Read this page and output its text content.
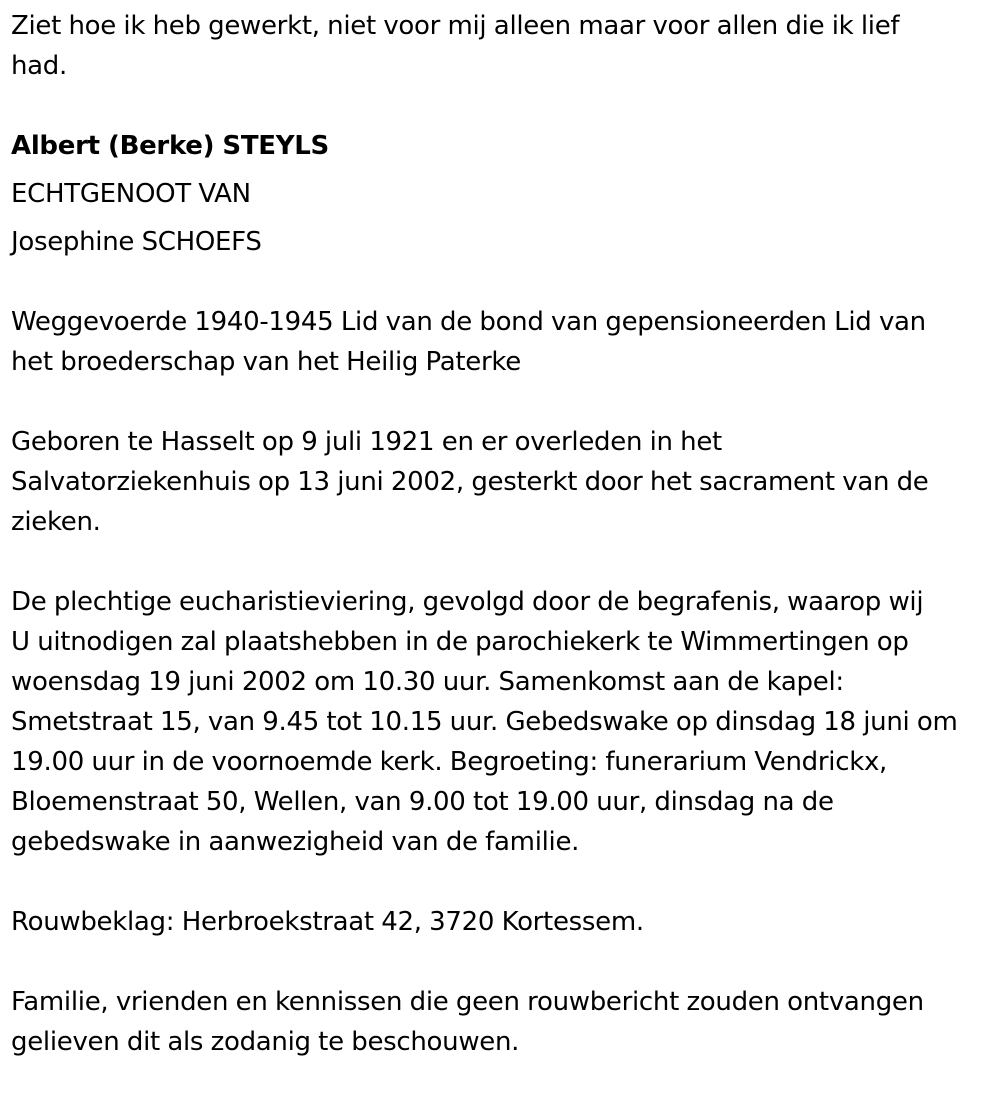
Ziet hoe ik heb gewerkt, niet voor mij alleen maar voor allen die ik lief
had.
Albert (Berke) STEYLS
ECHTGENOOT VAN
Josephine SCHOEFS
Weggevoerde 1940-1945 Lid van de bond van gepensioneerden Lid van
het broederschap van het Heilig Paterke
Geboren te Hasselt op 9 juli 1921 en er overleden in het
Salvatorziekenhuis op 13 juni 2002, gesterkt door het sacrament van de
zieken.
De plechtige eucharistieviering, gevolgd door de begrafenis, waarop wij
U uitnodigen zal plaatshebben in de parochiekerk te Wimmertingen op
woensdag 19 juni 2002 om 10.30 uur. Samenkomst aan de kapel:
Smetstraat 15, van 9.45 tot 10.15 uur. Gebedswake op dinsdag 18 juni om
19.00 uur in de voornoemde kerk. Begroeting: funerarium Vendrickx,
Bloemenstraat 50, Wellen, van 9.00 tot 19.00 uur, dinsdag na de
gebedswake in aanwezigheid van de familie.
Rouwbeklag: Herbroekstraat 42, 3720 Kortessem.
Familie, vrienden en kennissen die geen rouwbericht zouden ontvangen
gelieven dit als zodanig te beschouwen.
